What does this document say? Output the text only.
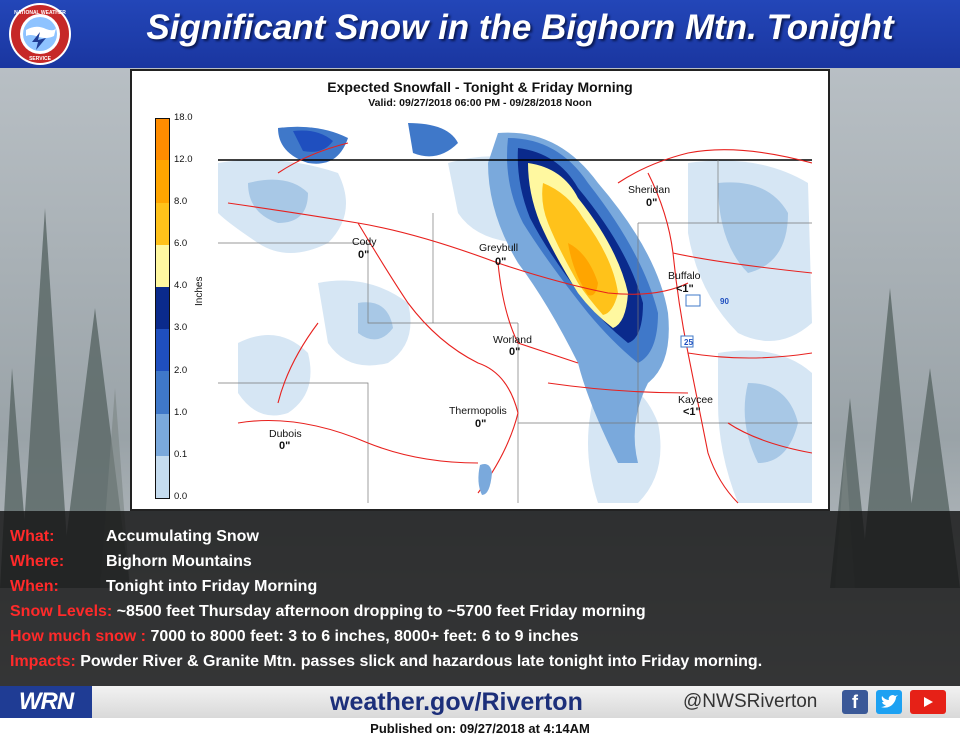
NATIONAL WEATHER
SERVICE
Significant Snow in the Bighorn Mtn. Tonight
Expected Snowfall - Tonight & Friday Morning
Valid: 09/27/2018 06:00 PM - 09/28/2018 Noon
18.0
12.0
8.0
6.0
4.0
3.0
2.0
1.0
0.1
0.0
Inches
Cody
0"
Greybull
0"
Sheridan
0"
Buffalo
<1"
Worland
0"
Kaycee
<1"
Thermopolis
0"
Dubois
0"
90
25
What:	Accumulating Snow
Where:	Bighorn Mountains
When:	Tonight into Friday Morning
Snow Levels: ~8500 feet Thursday afternoon dropping to ~5700 feet Friday morning
How much snow : 7000 to 8000 feet: 3 to 6 inches, 8000+ feet: 6 to 9 inches
Impacts: Powder River & Granite Mtn. passes slick and hazardous late tonight into Friday morning.
WRN	weather.gov/Riverton	@NWSRiverton	f
Published on: 09/27/2018 at 4:14AM
